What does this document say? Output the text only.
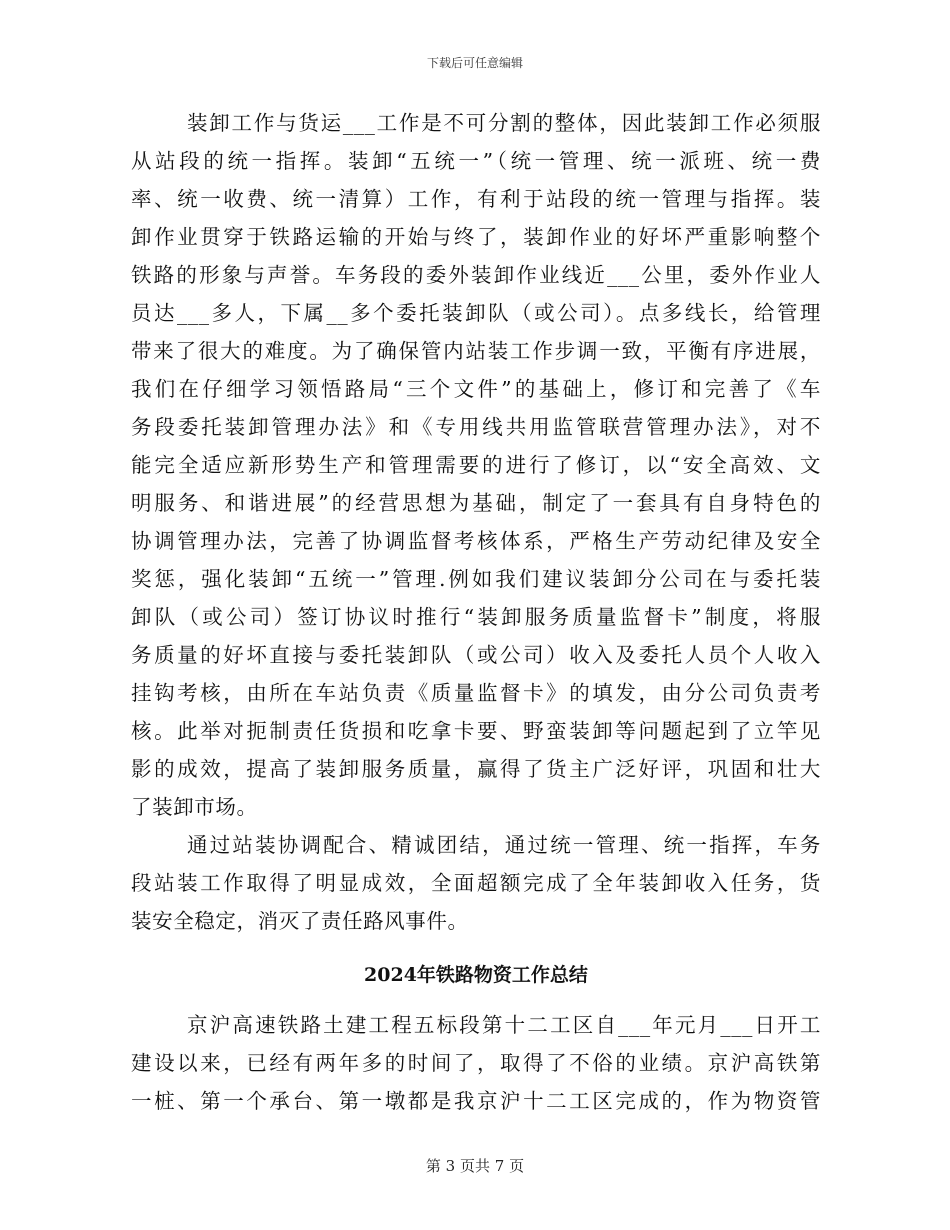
下载后可任意编辑
装卸工作与货运___工作是不可分割的整体，因此装卸工作必须服
从站段的统一指挥。装卸“五统一”（统一管理、统一派班、统一费
率、统一收费、统一清算）工作，有利于站段的统一管理与指挥。装
卸作业贯穿于铁路运输的开始与终了，装卸作业的好坏严重影响整个
铁路的形象与声誉。车务段的委外装卸作业线近___公里，委外作业人
员达___多人，下属__多个委托装卸队（或公司）。点多线长，给管理
带来了很大的难度。为了确保管内站装工作步调一致，平衡有序进展，
我们在仔细学习领悟路局“三个文件”的基础上，修订和完善了《车
务段委托装卸管理办法》和《专用线共用监管联营管理办法》，对不
能完全适应新形势生产和管理需要的进行了修订，以“安全高效、文
明服务、和谐进展”的经营思想为基础，制定了一套具有自身特色的
协调管理办法，完善了协调监督考核体系，严格生产劳动纪律及安全
奖惩，强化装卸“五统一”管理.例如我们建议装卸分公司在与委托装
卸队（或公司）签订协议时推行“装卸服务质量监督卡”制度，将服
务质量的好坏直接与委托装卸队（或公司）收入及委托人员个人收入
挂钩考核，由所在车站负责《质量监督卡》的填发，由分公司负责考
核。此举对扼制责任货损和吃拿卡要、野蛮装卸等问题起到了立竿见
影的成效，提高了装卸服务质量，赢得了货主广泛好评，巩固和壮大
了装卸市场。
通过站装协调配合、精诚团结，通过统一管理、统一指挥，车务
段站装工作取得了明显成效，全面超额完成了全年装卸收入任务，货
装安全稳定，消灭了责任路风事件。
2024年铁路物资工作总结
京沪高速铁路土建工程五标段第十二工区自___年元月___日开工
建设以来，已经有两年多的时间了，取得了不俗的业绩。京沪高铁第
一桩、第一个承台、第一墩都是我京沪十二工区完成的，作为物资管
第 3 页共 7 页
